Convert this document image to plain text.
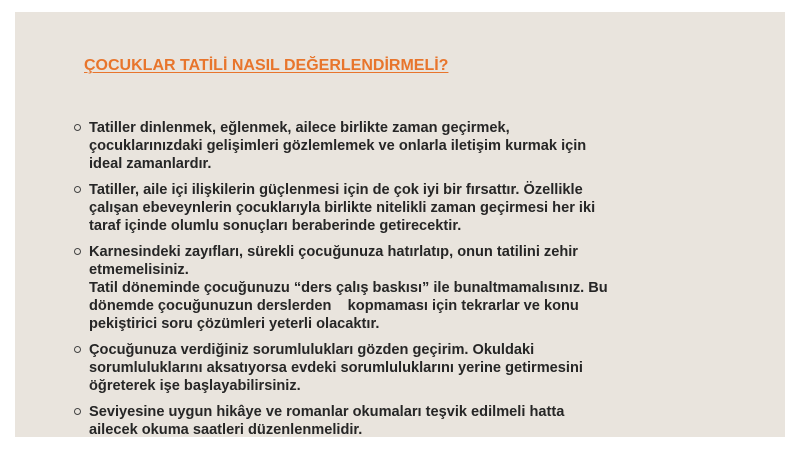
ÇOCUKLAR TATİLİ NASIL DEĞERLENDİRMELİ?
Tatiller dinlenmek, eğlenmek, ailece birlikte zaman geçirmek,
çocuklarınızdaki gelişimleri gözlemlemek ve onlarla iletişim kurmak için
ideal zamanlardır.
Tatiller, aile içi ilişkilerin güçlenmesi için de çok iyi bir fırsattır. Özellikle
çalışan ebeveynlerin çocuklarıyla birlikte nitelikli zaman geçirmesi her iki
taraf içinde olumlu sonuçları beraberinde getirecektir.
Karnesindeki zayıfları, sürekli çocuğunuza hatırlatıp, onun tatilini zehir
etmemelisiniz.
Tatil döneminde çocuğunuzu “ders çalış baskısı” ile bunaltmamalısınız. Bu
dönemde çocuğunuzun derslerden    kopmaması için tekrarlar ve konu
pekiştirici soru çözümleri yeterli olacaktır.
Çocuğunuza verdiğiniz sorumlulukları gözden geçirim. Okuldaki
sorumluluklarını aksatıyorsa evdeki sorumluluklarını yerine getirmesini
öğreterek işe başlayabilirsiniz.
Seviyesine uygun hikâye ve romanlar okumaları teşvik edilmeli hatta
ailecek okuma saatleri düzenlenmelidir.
